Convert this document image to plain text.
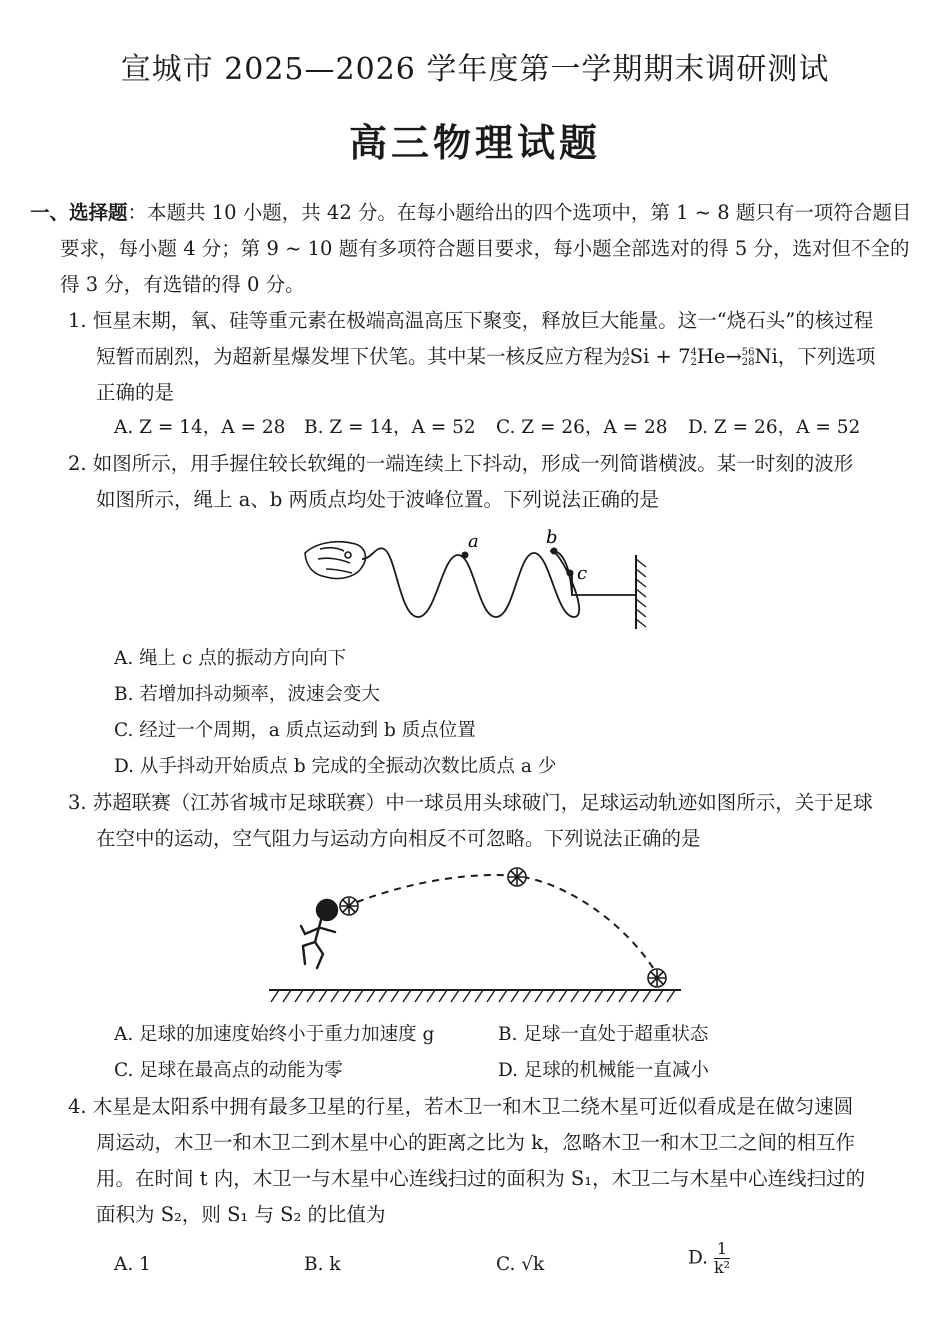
宣城市 2025—2026 学年度第一学期期末调研测试
高三物理试题
一、选择题：本题共 10 小题，共 42 分。在每小题给出的四个选项中，第 1 ~ 8 题只有一项符合题目
要求，每小题 4 分；第 9 ~ 10 题有多项符合题目要求，每小题全部选对的得 5 分，选对但不全的
得 3 分，有选错的得 0 分。
1. 恒星末期，氧、硅等重元素在极端高温高压下聚变，释放巨大能量。这一“烧石头”的核过程
短暂而剧烈，为超新星爆发埋下伏笔。其中某一核反应方程为A
ZSi + 74
2He→56
28Ni，下列选项
正确的是
A. Z = 14，A = 28 B. Z = 14，A = 52 C. Z = 26，A = 28 D. Z = 26，A = 52
2. 如图所示，用手握住较长软绳的一端连续上下抖动，形成一列简谐横波。某一时刻的波形
如图所示，绳上 a、b 两质点均处于波峰位置。下列说法正确的是
a	b
c
A. 绳上 c 点的振动方向向下
B. 若增加抖动频率，波速会变大
C. 经过一个周期，a 质点运动到 b 质点位置
D. 从手抖动开始质点 b 完成的全振动次数比质点 a 少
3. 苏超联赛（江苏省城市足球联赛）中一球员用头球破门，足球运动轨迹如图所示，关于足球
在空中的运动，空气阻力与运动方向相反不可忽略。下列说法正确的是
A. 足球的加速度始终小于重力加速度 g	B. 足球一直处于超重状态
C. 足球在最高点的动能为零	D. 足球的机械能一直减小
4. 木星是太阳系中拥有最多卫星的行星，若木卫一和木卫二绕木星可近似看成是在做匀速圆
周运动，木卫一和木卫二到木星中心的距离之比为 k，忽略木卫一和木卫二之间的相互作
用。在时间 t 内，木卫一与木星中心连线扫过的面积为 S₁，木卫二与木星中心连线扫过的
面积为 S₂，则 S₁ 与 S₂ 的比值为
A. 1	B. k	C. √k	D. $\frac{1}{\text{k²}}$
